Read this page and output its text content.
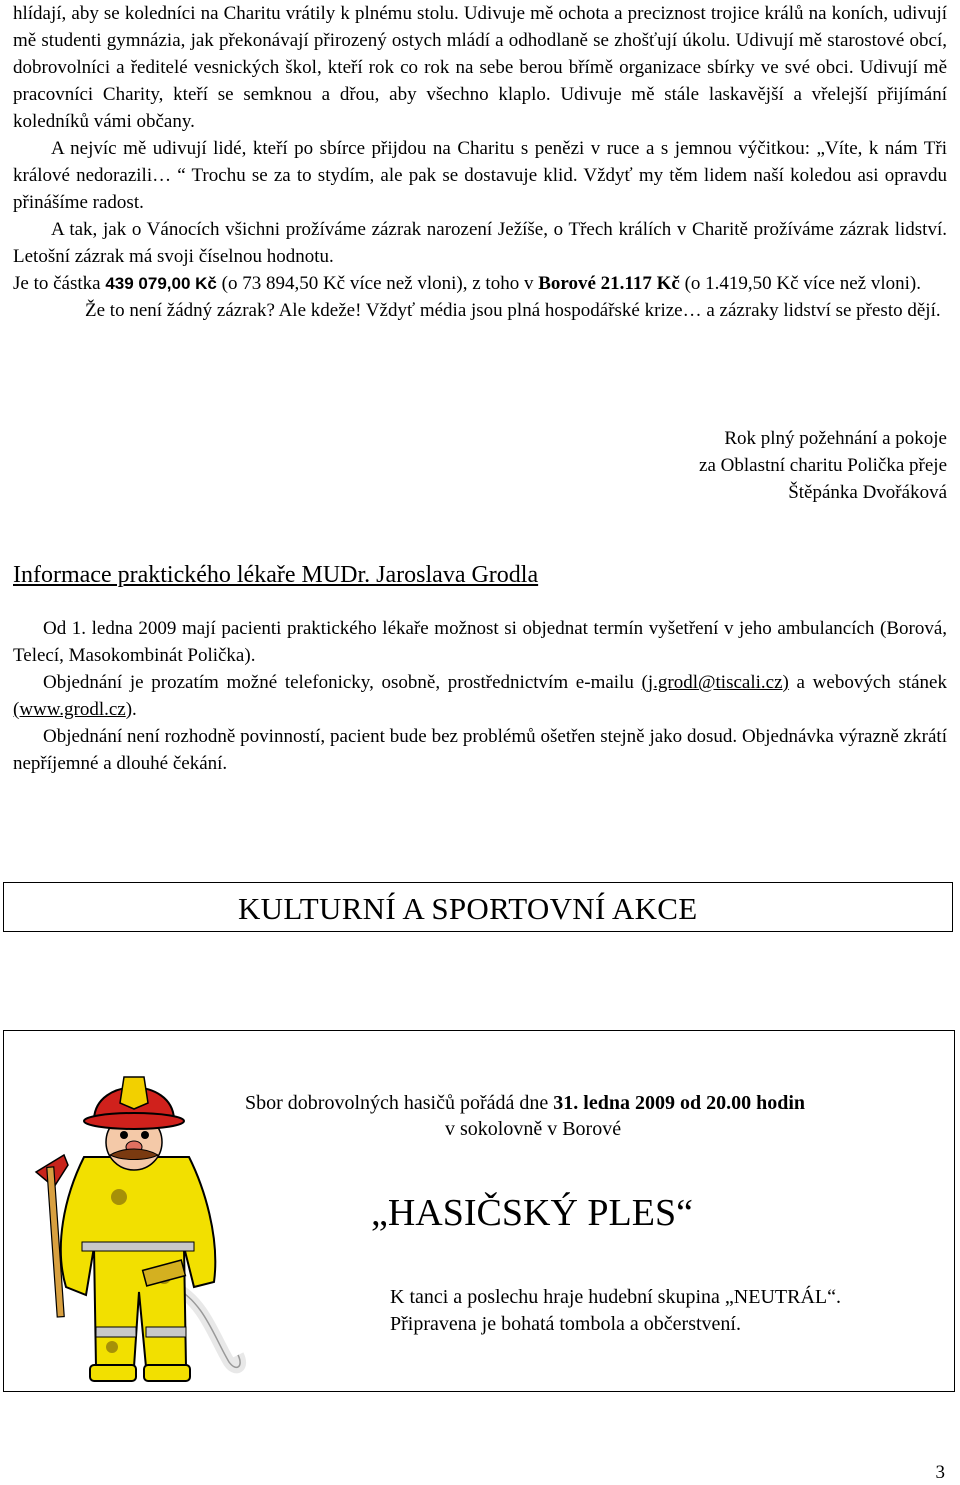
hlídají, aby se koledníci na Charitu vrátily k plnému stolu. Udivuje mě ochota a preciznost trojice králů na koních, udivují mě studenti gymnázia, jak překonávají přirozený ostych mládí a odhodlaně se zhošťují úkolu. Udivují mě starostové obcí, dobrovolníci a ředitelé vesnických škol, kteří rok co rok na sebe berou břímě organizace sbírky ve své obci. Udivují mě pracovníci Charity, kteří se semknou a dřou, aby všechno klaplo. Udivuje mě stále laskavější a vřelejší přijímání koledníků vámi občany.

A nejvíc mě udivují lidé, kteří po sbírce přijdou na Charitu s penězi v ruce a s jemnou výčitkou: „Víte, k nám Tři králové nedorazili… “ Trochu se za to stydím, ale pak se dostavuje klid. Vždyť my těm lidem naší koledou asi opravdu přinášíme radost.

A tak, jak o Vánocích všichni prožíváme zázrak narození Ježíše, o Třech králích v Charitě prožíváme zázrak lidství. Letošní zázrak má svoji číselnou hodnotu.

Je to částka 439 079,00 Kč (o 73 894,50 Kč více než vloni), z toho v Borové 21.117 Kč (o 1.419,50 Kč více než vloni).

Že to není žádný zázrak? Ale kdeže! Vždyť média jsou plná hospodářské krize… a zázraky lidství se přesto dějí.

Rok plný požehnání a pokoje
za Oblastní charitu Polička přeje
Štěpánka Dvořáková
Informace praktického lékaře MUDr. Jaroslava Grodla

Od 1. ledna 2009 mají pacienti praktického lékaře možnost si objednat termín vyšetření v jeho ambulancích (Borová, Telecí, Masokombinát Polička).

Objednání je prozatím možné telefonicky, osobně, prostřednictvím e-mailu (j.grodl@tiscali.cz) a webových stánek (www.grodl.cz).

Objednání není rozhodně povinností, pacient bude bez problémů ošetřen stejně jako dosud. Objednávka výrazně zkrátí nepříjemné a dlouhé čekání.

KULTURNÍ A SPORTOVNÍ AKCE
Sbor dobrovolných hasičů pořádá dne 31. ledna 2009 od 20.00 hodin
v sokolovně v Borové
„HASIČSKÝ PLES“
K tanci a poslechu hraje hudební skupina „NEUTRÁL“.
Připravena je bohatá tombola a občerstvení.
3
